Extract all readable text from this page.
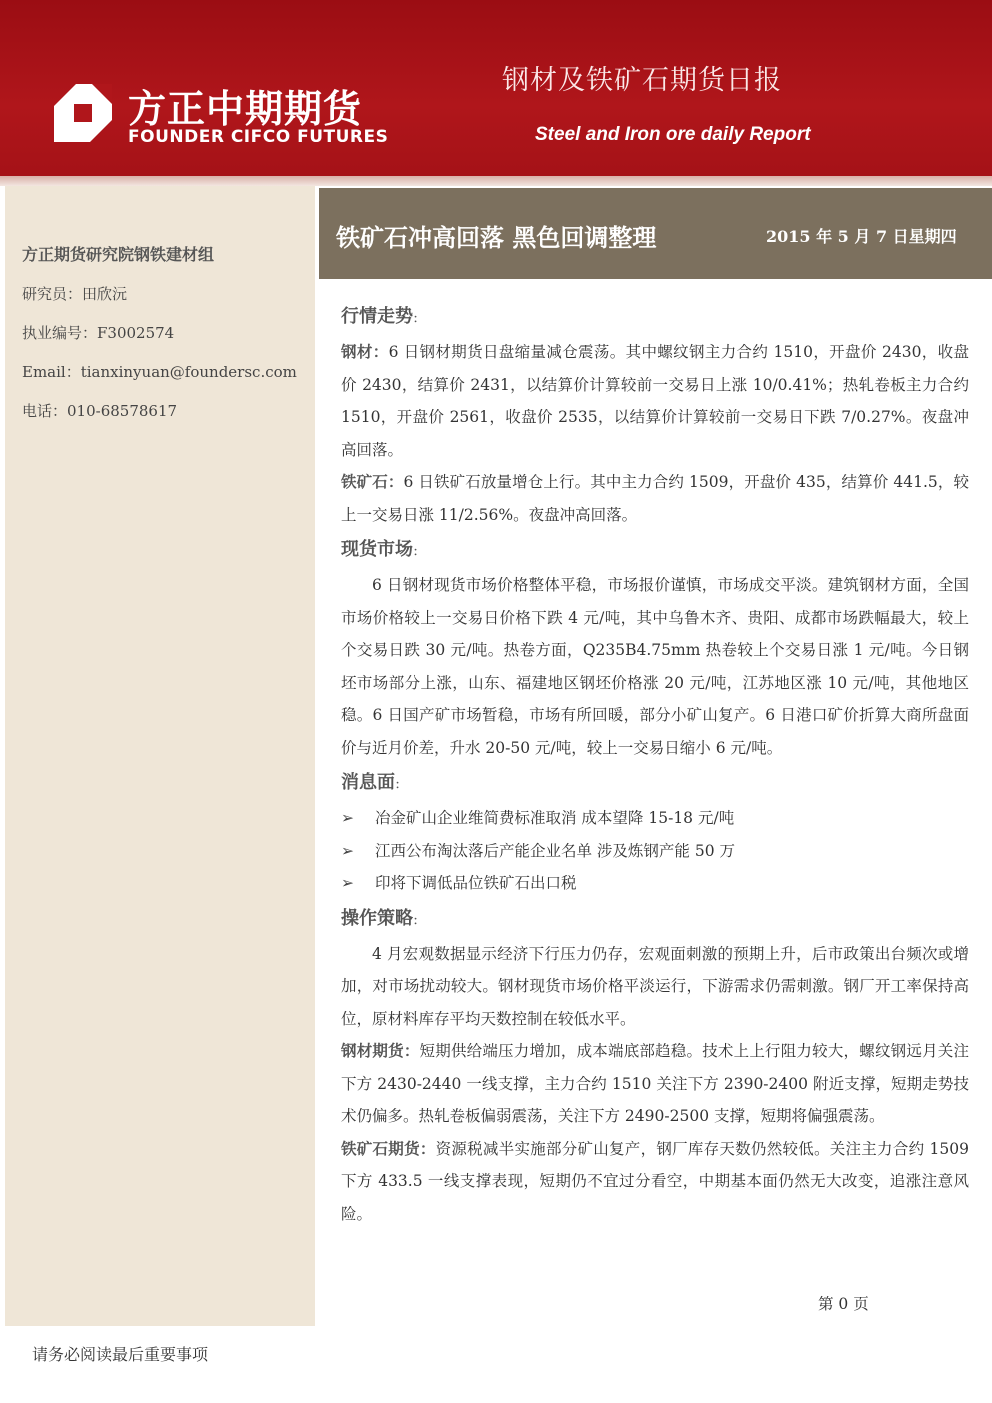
方正中期期货
FOUNDER CIFCO FUTURES
钢材及铁矿石期货日报
Steel and Iron ore daily Report
方正期货研究院钢铁建材组
研究员：田欣沅
执业编号：F3002574
Email：tianxinyuan@foundersc.com
电话：010-68578617
铁矿石冲高回落 黑色回调整理	2015 年 5 月 7 日星期四
行情走势：

钢材：6 日钢材期货日盘缩量减仓震荡。其中螺纹钢主力合约 1510，开盘价 2430，收盘价 2430，结算价 2431，以结算价计算较前一交易日上涨 10/0.41%；热轧卷板主力合约 1510，开盘价 2561，收盘价 2535，以结算价计算较前一交易日下跌 7/0.27%。夜盘冲高回落。

铁矿石：6 日铁矿石放量增仓上行。其中主力合约 1509，开盘价 435，结算价 441.5，较上一交易日涨 11/2.56%。夜盘冲高回落。

现货市场：

6 日钢材现货市场价格整体平稳，市场报价谨慎，市场成交平淡。建筑钢材方面，全国市场价格较上一交易日价格下跌 4 元/吨，其中乌鲁木齐、贵阳、成都市场跌幅最大，较上个交易日跌 30 元/吨。热卷方面，Q235B4.75mm 热卷较上个交易日涨 1 元/吨。今日钢坯市场部分上涨，山东、福建地区钢坯价格涨 20 元/吨，江苏地区涨 10 元/吨，其他地区稳。6 日国产矿市场暂稳，市场有所回暖，部分小矿山复产。6 日港口矿价折算大商所盘面价与近月价差，升水 20-50 元/吨，较上一交易日缩小 6 元/吨。

消息面：

➢	冶金矿山企业维简费标准取消 成本望降 15-18 元/吨

➢	江西公布淘汰落后产能企业名单 涉及炼钢产能 50 万

➢	印将下调低品位铁矿石出口税

操作策略：

4 月宏观数据显示经济下行压力仍存，宏观面刺激的预期上升，后市政策出台频次或增加，对市场扰动较大。钢材现货市场价格平淡运行，下游需求仍需刺激。钢厂开工率保持高位，原材料库存平均天数控制在较低水平。

钢材期货：短期供给端压力增加，成本端底部趋稳。技术上上行阻力较大，螺纹钢远月关注下方 2430-2440 一线支撑，主力合约 1510 关注下方 2390-2400 附近支撑，短期走势技术仍偏多。热轧卷板偏弱震荡，关注下方 2490-2500 支撑，短期将偏强震荡。

铁矿石期货：资源税减半实施部分矿山复产，钢厂库存天数仍然较低。关注主力合约 1509 下方 433.5 一线支撑表现，短期仍不宜过分看空，中期基本面仍然无大改变，追涨注意风险。

第 0 页
请务必阅读最后重要事项
